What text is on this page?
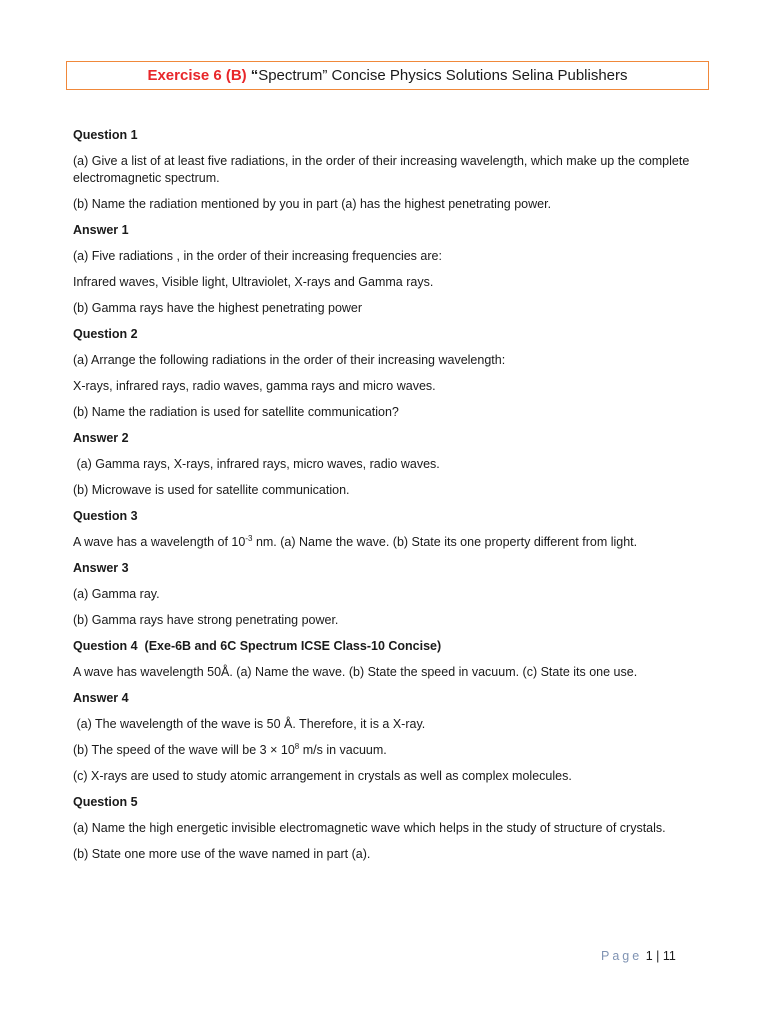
Exercise 6 (B) “ Spectrum” Concise Physics Solutions Selina Publishers

Question 1

(a) Give a list of at least five radiations, in the order of their increasing wavelength, which make up the complete electromagnetic spectrum.

(b) Name the radiation mentioned by you in part (a) has the highest penetrating power.

Answer 1

(a) Five radiations , in the order of their increasing frequencies are:

Infrared waves, Visible light, Ultraviolet, X-rays and Gamma rays.

(b) Gamma rays have the highest penetrating power

Question 2

(a) Arrange the following radiations in the order of their increasing wavelength:

X-rays, infrared rays, radio waves, gamma rays and micro waves.

(b) Name the radiation is used for satellite communication?

Answer 2

(a) Gamma rays, X-rays, infrared rays, micro waves, radio waves.

(b) Microwave is used for satellite communication.

Question 3

A wave has a wavelength of $10^{-3}$ nm. (a) Name the wave. (b) State its one property different from light.

Answer 3

(a) Gamma ray.

(b) Gamma rays have strong penetrating power.

Question 4  (Exe-6B and 6C Spectrum ICSE Class-10 Concise)

A wave has wavelength 50Å. (a) Name the wave. (b) State the speed in vacuum. (c) State its one use.

Answer 4

(a) The wavelength of the wave is 50 Å. Therefore, it is a X-ray.

(b) The speed of the wave will be $3 \times 10^8$ m/s in vacuum.

(c) X-rays are used to study atomic arrangement in crystals as well as complex molecules.

Question 5

(a) Name the high energetic invisible electromagnetic wave which helps in the study of structure of crystals.

(b) State one more use of the wave named in part (a).

Page 1 | 11
